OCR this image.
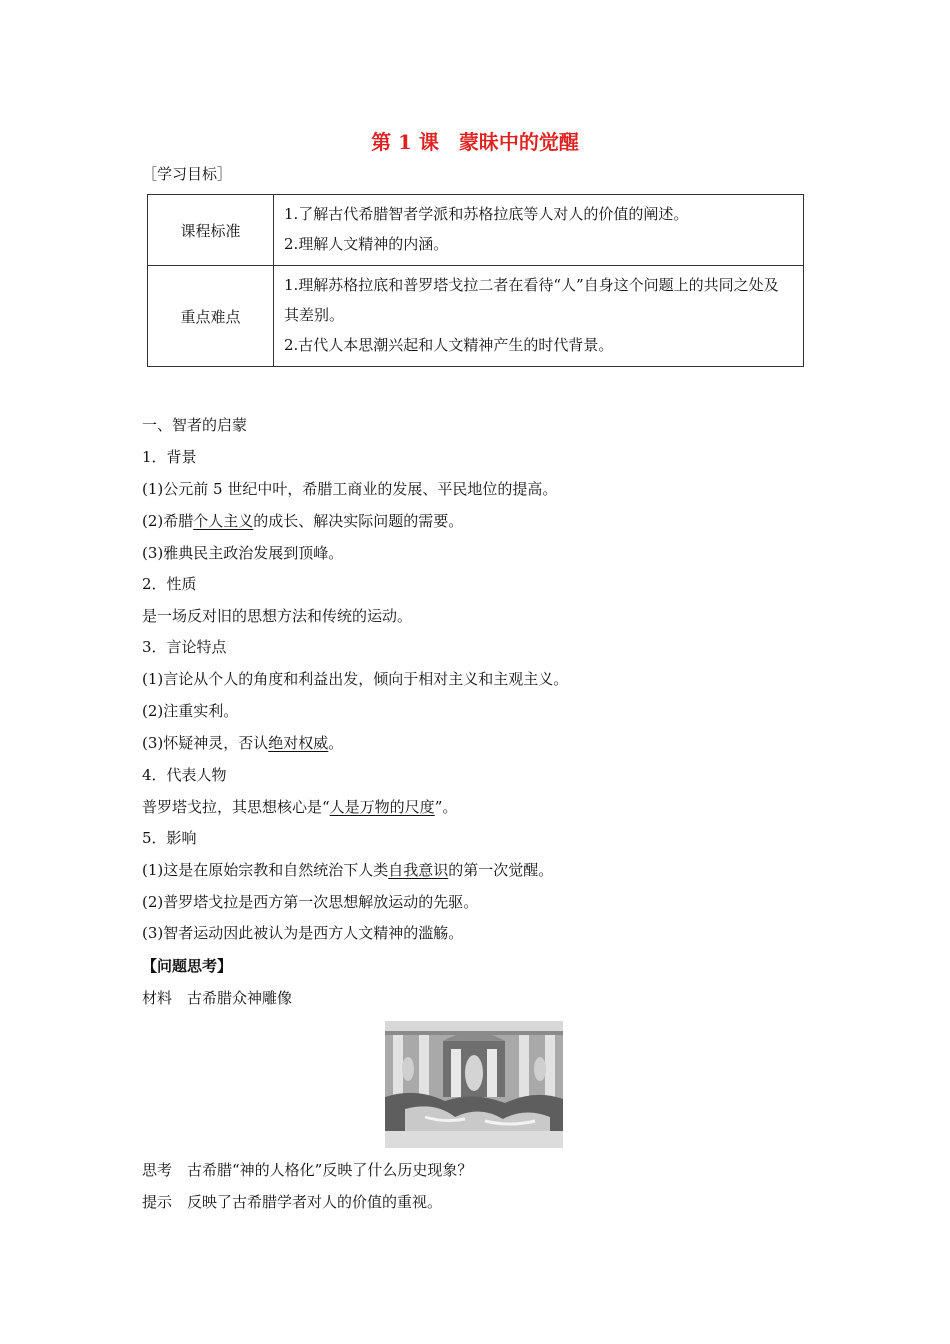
第 1 课　蒙昧中的觉醒
［学习目标］
课程标准	1.了解古代希腊智者学派和苏格拉底等人对人的价值的阐述。
2.理解人文精神的内涵。

重点难点	1.理解苏格拉底和普罗塔戈拉二者在看待“人”自身这个问题上的共同之处及其差别。
2.古代人本思潮兴起和人文精神产生的时代背景。
一、智者的启蒙
1．背景
(1)公元前 5 世纪中叶，希腊工商业的发展、平民地位的提高。
(2)希腊个人主义的成长、解决实际问题的需要。
(3)雅典民主政治发展到顶峰。
2．性质
是一场反对旧的思想方法和传统的运动。
3．言论特点
(1)言论从个人的角度和利益出发，倾向于相对主义和主观主义。
(2)注重实利。
(3)怀疑神灵，否认绝对权威。
4．代表人物
普罗塔戈拉，其思想核心是“人是万物的尺度”。
5．影响
(1)这是在原始宗教和自然统治下人类自我意识的第一次觉醒。
(2)普罗塔戈拉是西方第一次思想解放运动的先驱。
(3)智者运动因此被认为是西方人文精神的滥觞。
【问题思考】
材料　古希腊众神雕像
思考　古希腊“神的人格化”反映了什么历史现象？
提示　反映了古希腊学者对人的价值的重视。
